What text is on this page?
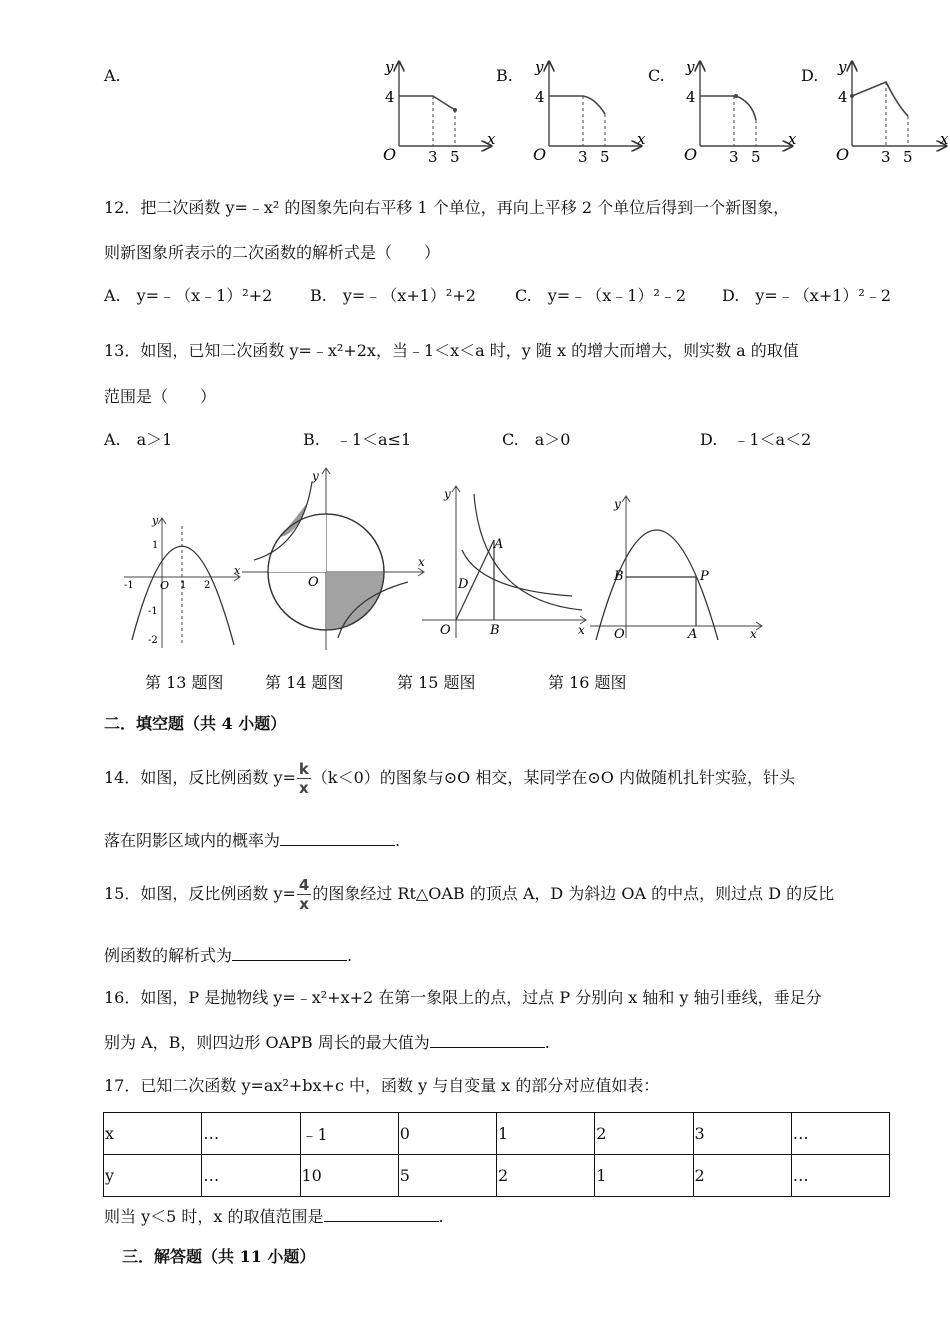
A.	y
x
O
4
3 5
B. y
x
O
4
3 5
C. y
x
O
4
3 5
D. y
x
O
4
3 5
12．把二次函数 y=﹣x² 的图象先向右平移 1 个单位，再向上平移 2 个单位后得到一个新图象，
则新图象所表示的二次函数的解析式是（　　）
A.　y=﹣（x﹣1）²+2 B.　y=﹣（x+1）²+2 C.　y=﹣（x﹣1）²﹣2 D.　y=﹣（x+1）²﹣2
13．如图，已知二次函数 y=﹣x²+2x，当﹣1＜x＜a 时，y 随 x 的增大而增大，则实数 a 的取值
范围是（　　）
A.　a＞1	B.　﹣1＜a≤1	C.　a＞0	D.　﹣1＜a＜2
y
x
O 1 2
-1
1
-1
-2
y
x
O
y
x
O
A
B
D
y
x
O
P
B
A
第 13 题图	第 14 题图	第 15 题图	第 16 题图
二．填空题（共 4 小题）
14．如图，反比例函数 $y= \frac{k}{x} (k<0)$的图象与⊙O 相交，某同学在⊙O 内做随机扎针实验，针头
落在阴影区域内的概率为	.
15．如图，反比例函数 $y= \frac{4}{x}$ 的图象经过 Rt△OAB 的顶点 A，D 为斜边 OA 的中点，则过点 D 的反比
例函数的解析式为	.
16．如图，P 是抛物线 y=﹣x²+x+2 在第一象限上的点，过点 P 分别向 x 轴和 y 轴引垂线，垂足分
别为 A，B，则四边形 OAPB 周长的最大值为	.
17．已知二次函数 y=ax²+bx+c 中，函数 y 与自变量 x 的部分对应值如表：
x	…	﹣1	0	1	2	3	…
y	…	10	5	2	1	2	…
则当 y＜5 时，x 的取值范围是	.
三．解答题（共 11 小题）
